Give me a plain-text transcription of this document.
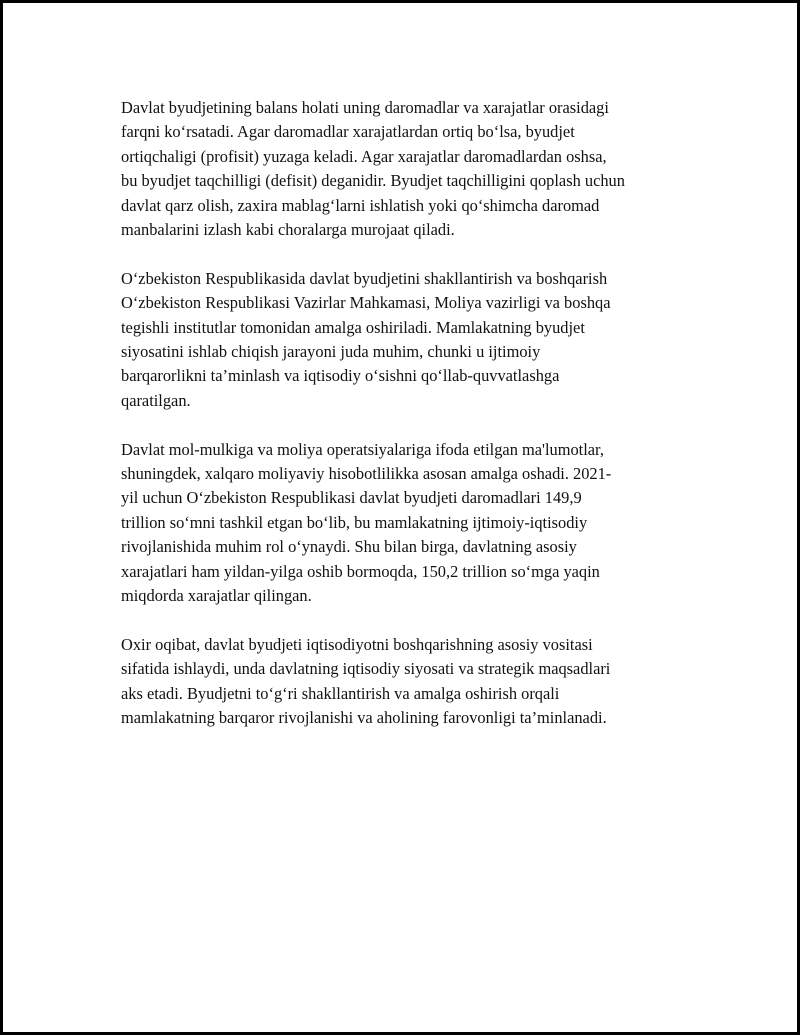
Davlat byudjetining balans holati uning daromadlar va xarajatlar orasidagi
farqni ko‘rsatadi. Agar daromadlar xarajatlardan ortiq bo‘lsa, byudjet
ortiqchaligi (profisit) yuzaga keladi. Agar xarajatlar daromadlardan oshsa,
bu byudjet taqchilligi (defisit) deganidir. Byudjet taqchilligini qoplash uchun
davlat qarz olish, zaxira mablag‘larni ishlatish yoki qo‘shimcha daromad
manbalarini izlash kabi choralarga murojaat qiladi.

O‘zbekiston Respublikasida davlat byudjetini shakllantirish va boshqarish
O‘zbekiston Respublikasi Vazirlar Mahkamasi, Moliya vazirligi va boshqa
tegishli institutlar tomonidan amalga oshiriladi. Mamlakatning byudjet
siyosatini ishlab chiqish jarayoni juda muhim, chunki u ijtimoiy
barqarorlikni ta’minlash va iqtisodiy o‘sishni qo‘llab-quvvatlashga
qaratilgan.

Davlat mol-mulkiga va moliya operatsiyalariga ifoda etilgan ma'lumotlar,
shuningdek, xalqaro moliyaviy hisobotlilikka asosan amalga oshadi. 2021-
yil uchun O‘zbekiston Respublikasi davlat byudjeti daromadlari 149,9
trillion so‘mni tashkil etgan bo‘lib, bu mamlakatning ijtimoiy-iqtisodiy
rivojlanishida muhim rol o‘ynaydi. Shu bilan birga, davlatning asosiy
xarajatlari ham yildan-yilga oshib bormoqda, 150,2 trillion so‘mga yaqin
miqdorda xarajatlar qilingan.

Oxir oqibat, davlat byudjeti iqtisodiyotni boshqarishning asosiy vositasi
sifatida ishlaydi, unda davlatning iqtisodiy siyosati va strategik maqsadlari
aks etadi. Byudjetni to‘g‘ri shakllantirish va amalga oshirish orqali
mamlakatning barqaror rivojlanishi va aholining farovonligi ta’minlanadi.
